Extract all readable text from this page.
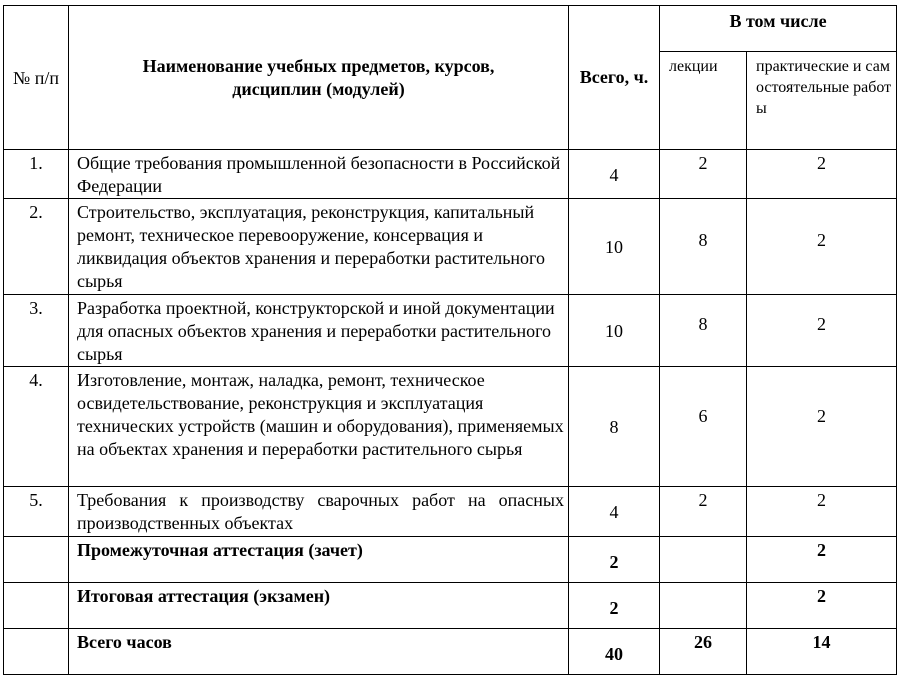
№ п/п	Наименование учебных предметов, курсов, дисциплин (модулей)	Всего, ч.	В том числе	
			лекции	практические и самостоятельные работы
1.	Общие требования промышленной безопасности в Российской Федерации	4	2	2
2.	Строительство, эксплуатация, реконструкция, капитальный ремонт, техническое перевооружение, консервация и ликвидация объектов хранения и переработки растительного сырья	10	8	2
3.	Разработка проектной, конструкторской и иной документации для опасных объектов хранения и переработки растительного сырья	10	8	2
4.	Изготовление, монтаж, наладка, ремонт, техническое освидетельствование, реконструкция и эксплуатация технических устройств (машин и оборудования), применяемых на объектах хранения и переработки растительного сырья	8	6	2
5.	Требования к производству сварочных работ на опасных производственных объектах	4	2	2
	Промежуточная аттестация (зачет)	2		2
	Итоговая аттестация (экзамен)	2		2
	Всего часов	40	26	14
